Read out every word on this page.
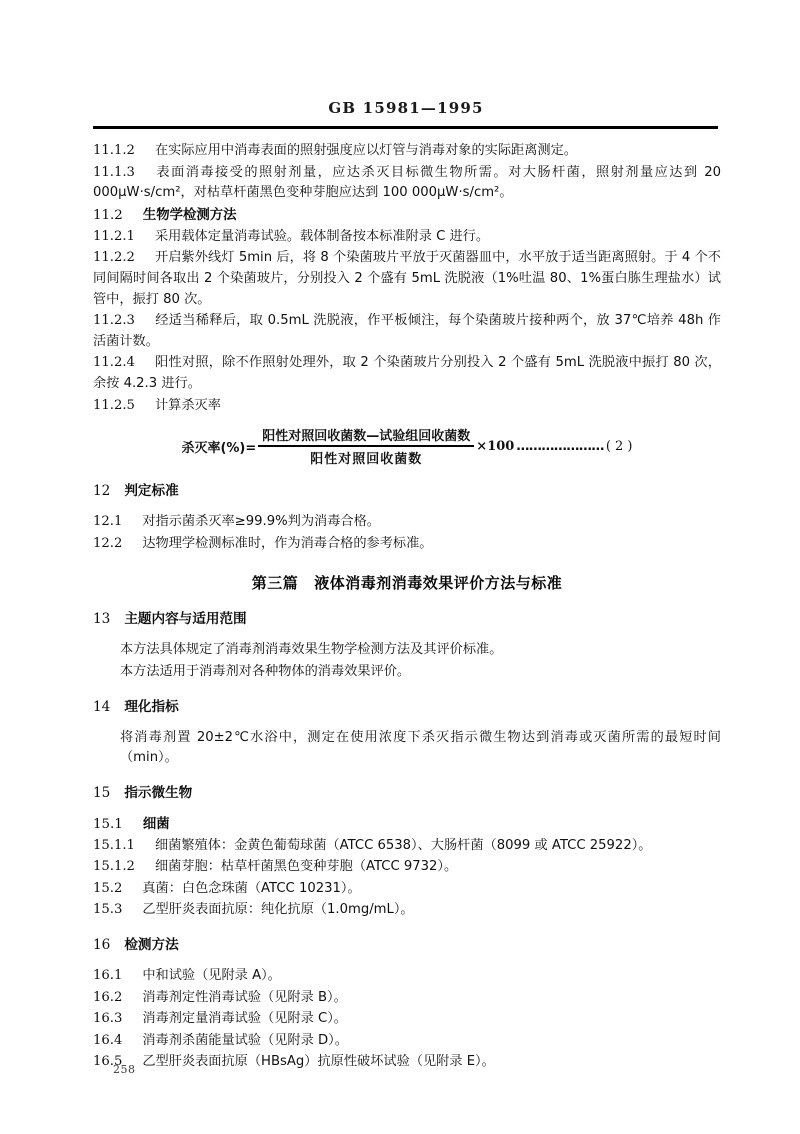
GB 15981—1995

11.1.2 在实际应用中消毒表面的照射强度应以灯管与消毒对象的实际距离测定。

11.1.3 表面消毒接受的照射剂量，应达杀灭目标微生物所需。对大肠杆菌，照射剂量应达到 20 000μW·s/cm²，对枯草杆菌黑色变种芽胞应达到 100 000μW·s/cm²。

11.2 生物学检测方法

11.2.1 采用载体定量消毒试验。载体制备按本标准附录 C 进行。

11.2.2 开启紫外线灯 5min 后，将 8 个染菌玻片平放于灭菌器皿中，水平放于适当距离照射。于 4 个不同间隔时间各取出 2 个染菌玻片，分别投入 2 个盛有 5mL 洗脱液（1%吐温 80、1%蛋白胨生理盐水）试管中，振打 80 次。

11.2.3 经适当稀释后，取 0.5mL 洗脱液，作平板倾注，每个染菌玻片接种两个，放 37℃培养 48h 作活菌计数。

11.2.4 阳性对照，除不作照射处理外，取 2 个染菌玻片分别投入 2 个盛有 5mL 洗脱液中振打 80 次，余按 4.2.3 进行。

11.2.5 计算杀灭率

杀灭率(%)= $\frac{\text{阳性对照回收菌数—试验组回收菌数}}{\text{阳性对照回收菌数}} \times 100$ ………………… ( 2 )

12 判定标准

12.1 对指示菌杀灭率≥99.9%判为消毒合格。

12.2 达物理学检测标准时，作为消毒合格的参考标准。

第三篇 液体消毒剂消毒效果评价方法与标准

13 主题内容与适用范围

本方法具体规定了消毒剂消毒效果生物学检测方法及其评价标准。

本方法适用于消毒剂对各种物体的消毒效果评价。

14 理化指标

将消毒剂置 20±2℃水浴中，测定在使用浓度下杀灭指示微生物达到消毒或灭菌所需的最短时间（min）。

15 指示微生物

15.1 细菌

15.1.1 细菌繁殖体：金黄色葡萄球菌（ATCC 6538）、大肠杆菌（8099 或 ATCC 25922）。

15.1.2 细菌芽胞：枯草杆菌黑色变种芽胞（ATCC 9732）。

15.2 真菌：白色念珠菌（ATCC 10231）。

15.3 乙型肝炎表面抗原：纯化抗原（1.0mg/mL）。

16 检测方法

16.1 中和试验（见附录 A）。

16.2 消毒剂定性消毒试验（见附录 B）。

16.3 消毒剂定量消毒试验（见附录 C）。

16.4 消毒剂杀菌能量试验（见附录 D）。

16.5 乙型肝炎表面抗原（HBsAg）抗原性破坏试验（见附录 E）。

258
